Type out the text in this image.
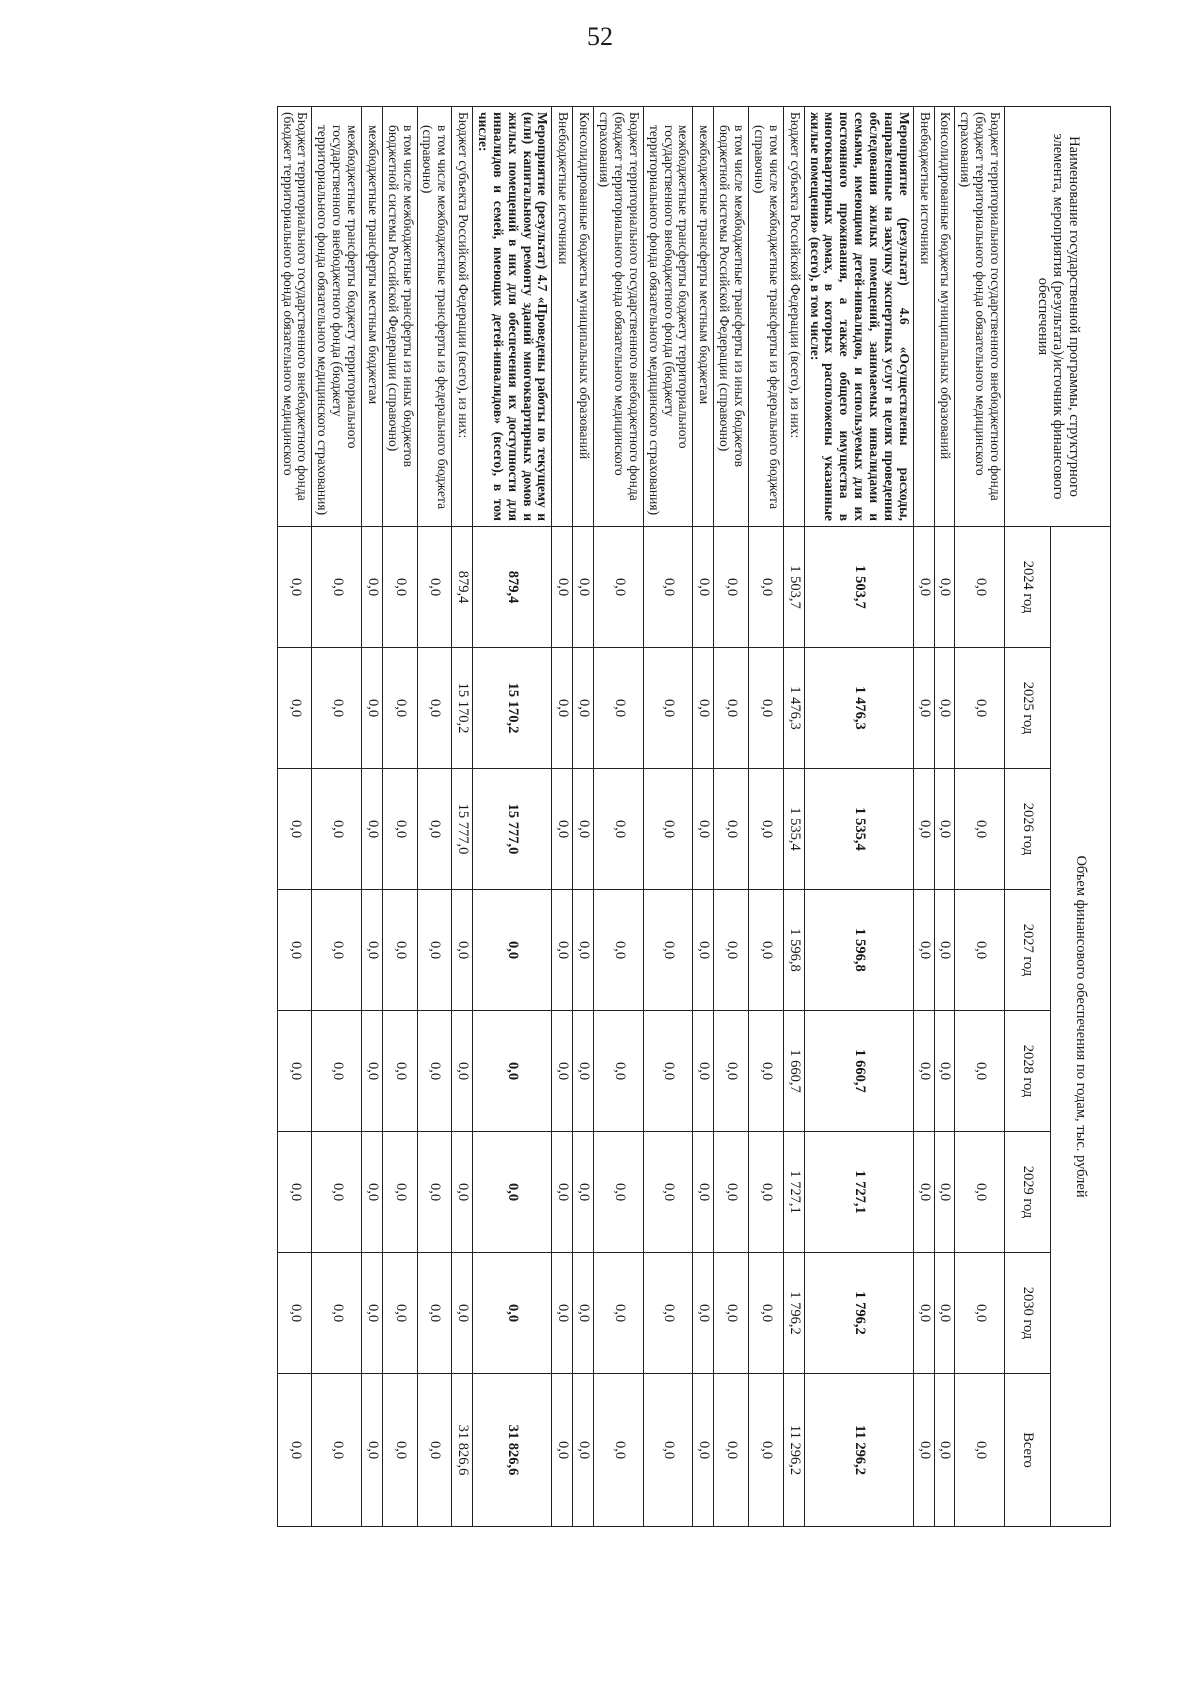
52
Наименование государственной программы, структурного элемента, мероприятия (результата)/источник финансового обеспечения	Объем финансового обеспечения по годам, тыс. рублей							
	2024 год	2025 год	2026 год	2027 год	2028 год	2029 год	2030 год	Всего
Бюджет территориального государственного внебюджетного фонда (бюджет территориального фонда обязательного медицинского страхования)	0,0	0,0	0,0	0,0	0,0	0,0	0,0	0,0
Консолидированные бюджеты муниципальных образований	0,0	0,0	0,0	0,0	0,0	0,0	0,0	0,0
Внебюджетные источники	0,0	0,0	0,0	0,0	0,0	0,0	0,0	0,0
Мероприятие (результат) 4.6 «Осуществлены расходы, направленные на закупку экспертных услуг в целях проведения обследования жилых помещений, занимаемых инвалидами и семьями, имеющими детей-инвалидов, и используемых для их постоянного проживания, а также общего имущества в многоквартирных домах, в которых расположены указанные жилые помещения» (всего), в том числе:	1 503,7	1 476,3	1 535,4	1 596,8	1 660,7	1 727,1	1 796,2	11 296,2
Бюджет субъекта Российской Федерации (всего), из них:	1 503,7	1 476,3	1 535,4	1 596,8	1 660,7	1 727,1	1 796,2	11 296,2
в том числе межбюджетные трансферты из федерального бюджета (справочно)	0,0	0,0	0,0	0,0	0,0	0,0	0,0	0,0
в том числе межбюджетные трансферты из иных бюджетов бюджетной системы Российской Федерации (справочно)	0,0	0,0	0,0	0,0	0,0	0,0	0,0	0,0
межбюджетные трансферты местным бюджетам	0,0	0,0	0,0	0,0	0,0	0,0	0,0	0,0
межбюджетные трансферты бюджету территориального государственного внебюджетного фонда (бюджету территориального фонда обязательного медицинского страхования)	0,0	0,0	0,0	0,0	0,0	0,0	0,0	0,0
Бюджет территориального государственного внебюджетного фонда (бюджет территориального фонда обязательного медицинского страхования)	0,0	0,0	0,0	0,0	0,0	0,0	0,0	0,0
Консолидированные бюджеты муниципальных образований	0,0	0,0	0,0	0,0	0,0	0,0	0,0	0,0
Внебюджетные источники	0,0	0,0	0,0	0,0	0,0	0,0	0,0	0,0
Мероприятие (результат) 4.7 «Проведены работы по текущему и (или) капитальному ремонту зданий многоквартирных домов и жилых помещений в них для обеспечения их доступности для инвалидов и семей, имеющих детей-инвалидов» (всего), в том числе:	879,4	15 170,2	15 777,0	0,0	0,0	0,0	0,0	31 826,6
Бюджет субъекта Российской Федерации (всего), из них:	879,4	15 170,2	15 777,0	0,0	0,0	0,0	0,0	31 826,6
в том числе межбюджетные трансферты из федерального бюджета (справочно)	0,0	0,0	0,0	0,0	0,0	0,0	0,0	0,0
в том числе межбюджетные трансферты из иных бюджетов бюджетной системы Российской Федерации (справочно)	0,0	0,0	0,0	0,0	0,0	0,0	0,0	0,0
межбюджетные трансферты местным бюджетам	0,0	0,0	0,0	0,0	0,0	0,0	0,0	0,0
межбюджетные трансферты бюджету территориального государственного внебюджетного фонда (бюджету территориального фонда обязательного медицинского страхования)	0,0	0,0	0,0	0,0	0,0	0,0	0,0	0,0
Бюджет территориального государственного внебюджетного фонда (бюджет территориального фонда обязательного медицинского	0,0	0,0	0,0	0,0	0,0	0,0	0,0	0,0
